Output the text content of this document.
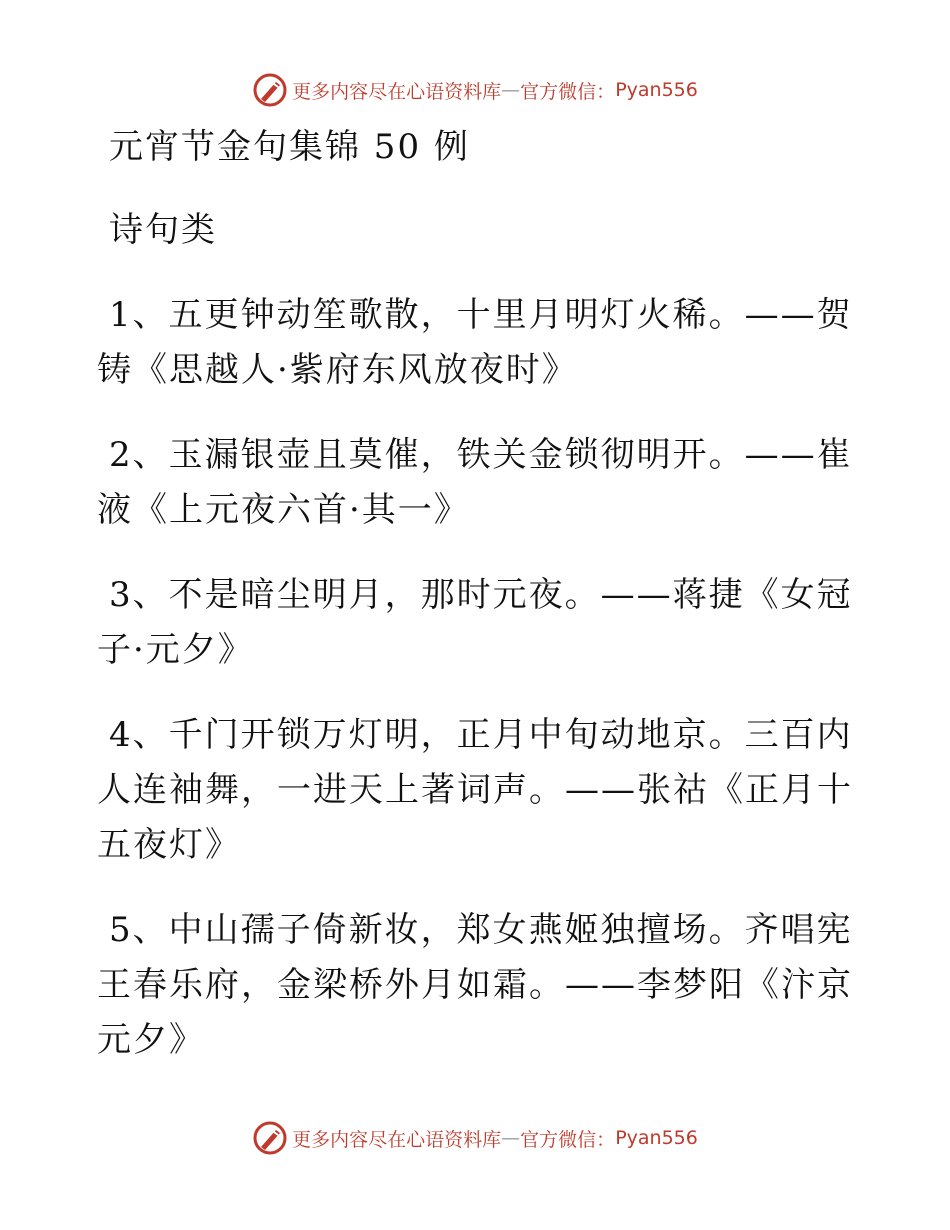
更多内容尽在心语资料库 — 官方微信： Pyan556

元宵节金句集锦 50 例

诗句类

1、五更钟动笙歌散，十里月明灯火稀。——贺铸《思越人·紫府东风放夜时》

2、玉漏银壶且莫催，铁关金锁彻明开。——崔液《上元夜六首·其一》

3、不是暗尘明月，那时元夜。——蒋捷《女冠子·元夕》

4、千门开锁万灯明，正月中旬动地京。三百内人连袖舞，一进天上著词声。——张祜《正月十五夜灯》

5、中山孺子倚新妆，郑女燕姬独擅场。齐唱宪王春乐府，金梁桥外月如霜。——李梦阳《汴京元夕》

更多内容尽在心语资料库 — 官方微信： Pyan556
